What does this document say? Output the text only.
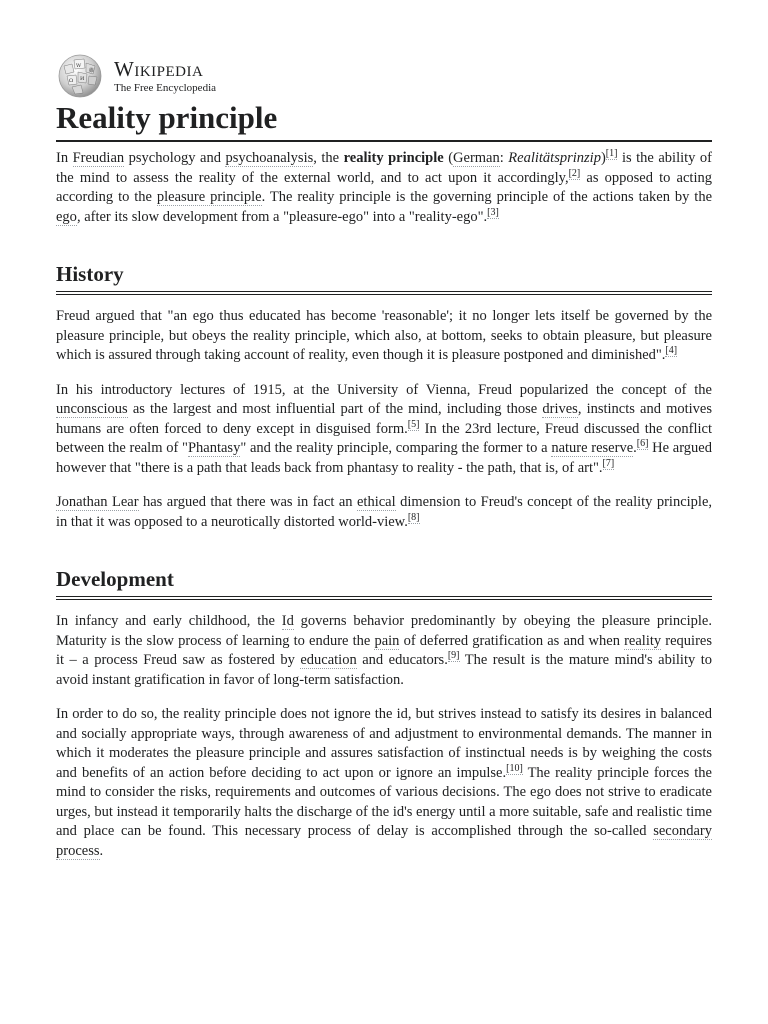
W
Ω И
維 Wikipedia
The Free Encyclopedia
Reality principle

In Freudian psychology and psychoanalysis, the reality principle (German: Realitätsprinzip)[1] is the ability of the mind to assess the reality of the external world, and to act upon it accordingly,[2] as opposed to acting according to the pleasure principle. The reality principle is the governing principle of the actions taken by the ego, after its slow development from a "pleasure-ego" into a "reality-ego".[3]

History

Freud argued that "an ego thus educated has become 'reasonable'; it no longer lets itself be governed by the pleasure principle, but obeys the reality principle, which also, at bottom, seeks to obtain pleasure, but pleasure which is assured through taking account of reality, even though it is pleasure postponed and diminished".[4]

In his introductory lectures of 1915, at the University of Vienna, Freud popularized the concept of the unconscious as the largest and most influential part of the mind, including those drives, instincts and motives humans are often forced to deny except in disguised form.[5] In the 23rd lecture, Freud discussed the conflict between the realm of "Phantasy" and the reality principle, comparing the former to a nature reserve.[6] He argued however that "there is a path that leads back from phantasy to reality - the path, that is, of art".[7]

Jonathan Lear has argued that there was in fact an ethical dimension to Freud's concept of the reality principle, in that it was opposed to a neurotically distorted world-view.[8]

Development

In infancy and early childhood, the Id governs behavior predominantly by obeying the pleasure principle. Maturity is the slow process of learning to endure the pain of deferred gratification as and when reality requires it – a process Freud saw as fostered by education and educators.[9] The result is the mature mind's ability to avoid instant gratification in favor of long-term satisfaction.

In order to do so, the reality principle does not ignore the id, but strives instead to satisfy its desires in balanced and socially appropriate ways, through awareness of and adjustment to environmental demands. The manner in which it moderates the pleasure principle and assures satisfaction of instinctual needs is by weighing the costs and benefits of an action before deciding to act upon or ignore an impulse.[10] The reality principle forces the mind to consider the risks, requirements and outcomes of various decisions. The ego does not strive to eradicate urges, but instead it temporarily halts the discharge of the id's energy until a more suitable, safe and realistic time and place can be found. This necessary process of delay is accomplished through the so-called secondary process.
